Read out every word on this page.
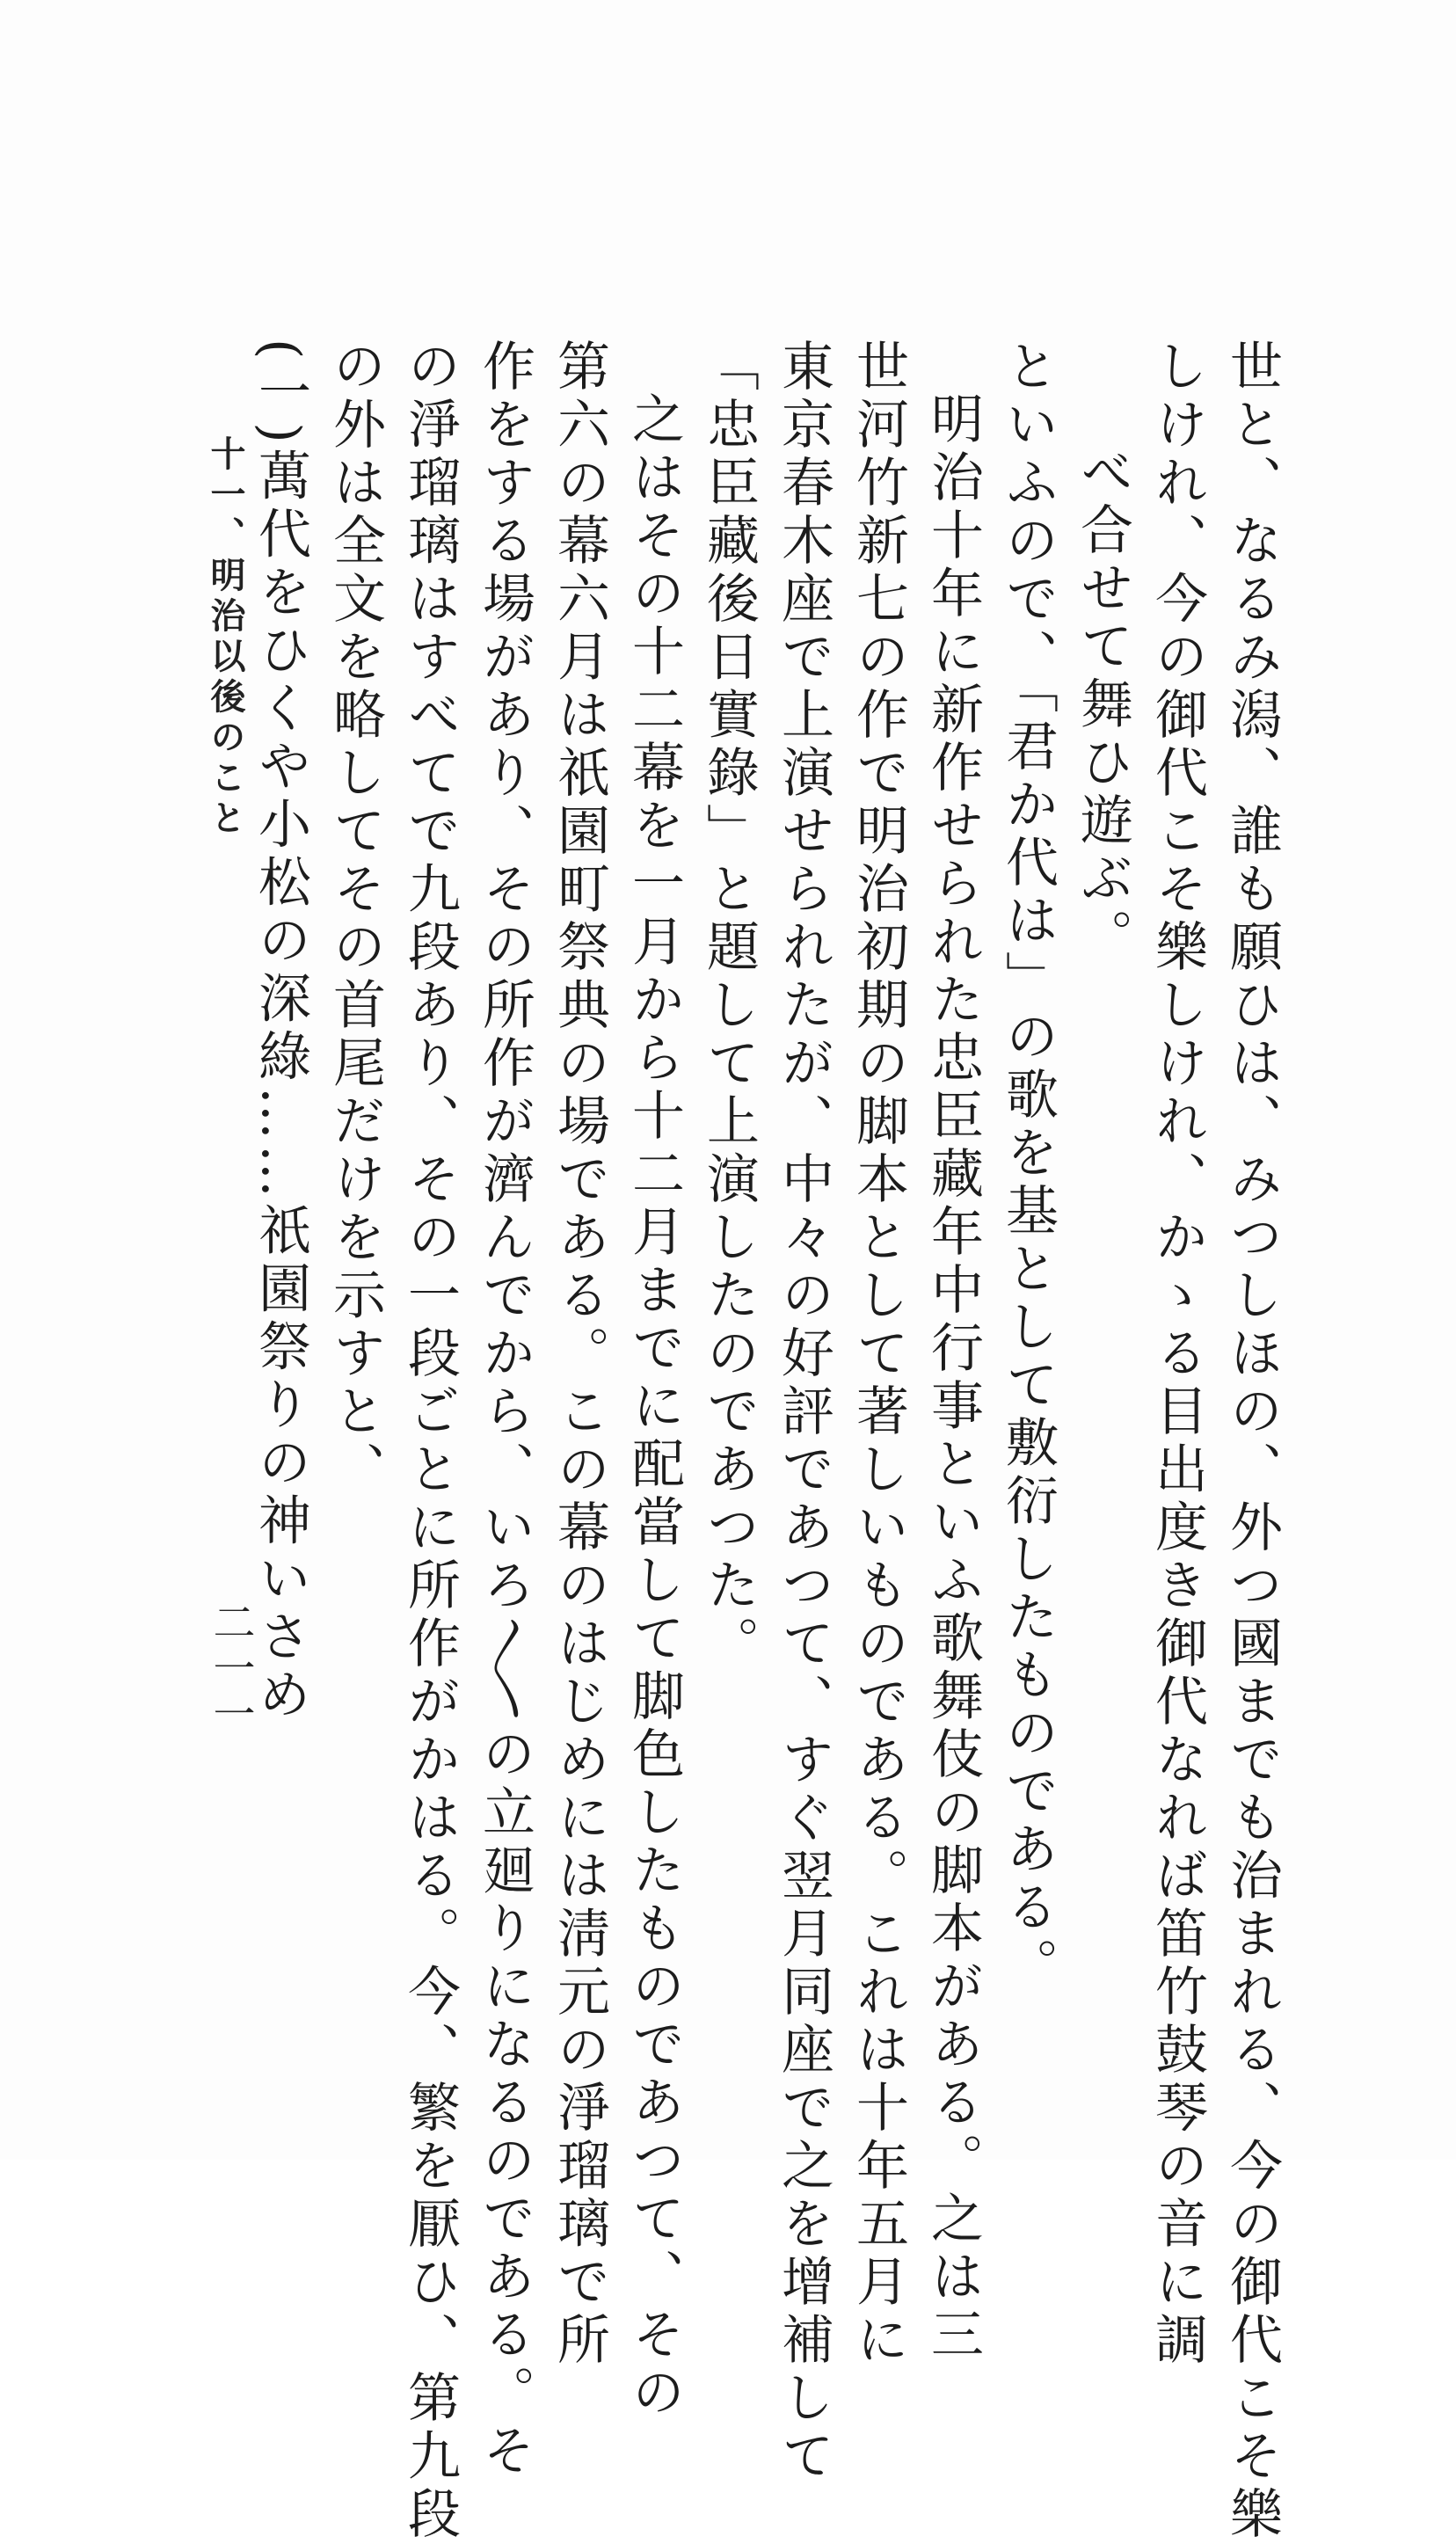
世と、なるみ潟、誰も願ひは、みつしほの、外つ國までも治まれる、今の御代こそ樂
しけれ、今の御代こそ樂しけれ、かゝる目出度き御代なれば笛竹鼓琴の音に調
べ合せて舞ひ遊ぶ。
といふので、「君か代は」の歌を基として敷衍したものである。
明治十年に新作せられた忠臣藏年中行事といふ歌舞伎の脚本がある。之は三
世河竹新七の作で明治初期の脚本として著しいものである。これは十年五月に
東京春木座で上演せられたが、中々の好評であつて、すぐ翌月同座で之を增補して
「忠臣藏後日實錄」と題して上演したのであつた。
之はその十二幕を一月から十二月までに配當して脚色したものであつて、その
第六の幕六月は祇園町祭典の場である。この幕のはじめには淸元の淨瑠璃で所
作をする場があり、その所作が濟んでから、いろ〳〵の立廻りになるのである。そ
の淨瑠璃はすべてで九段あり、その一段ごとに所作がかはる。今、繁を厭ひ、第九段
の外は全文を略してその首尾だけを示すと、
(一)萬代をひくや小松の深綠……祇園祭りの神いさめ
十一、明治以後のこと
二一一
